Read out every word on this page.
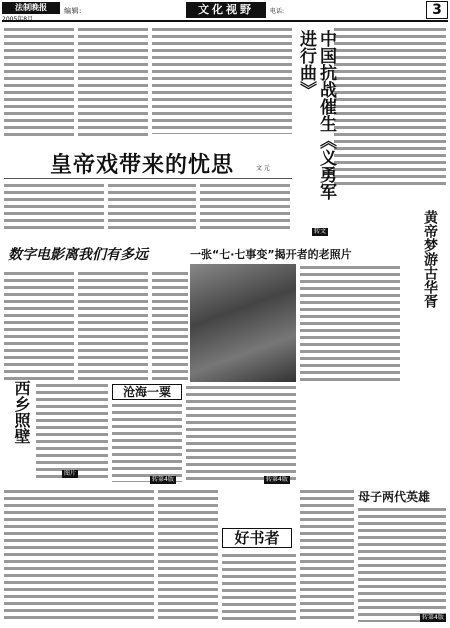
法制晚报	编辑:	文化视野	电话:	3
中国抗战催生《义勇军进行曲》
皇帝戏带来的忧思	文 元
转文
数字电影离我们有多远	一张“七·七事变”揭开者的老照片	黄帝梦游古华胥
西乡照壁
图片
沧海一粟
转第4版	转第4版
好书者
母子两代英雄
转第4版
